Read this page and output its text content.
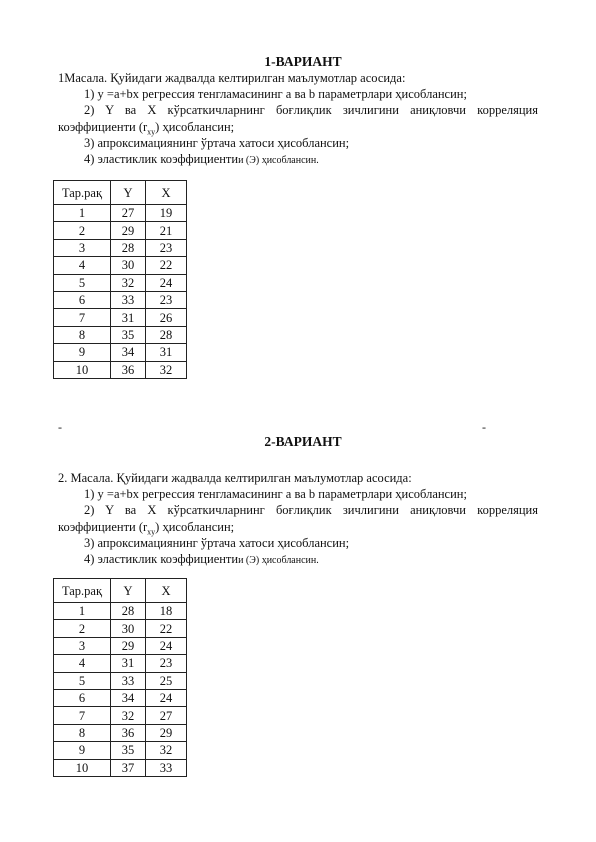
1-ВАРИАНТ

1Масала. Қуйидаги жадвалда келтирилган маълумотлар асосида:

1) y =a+bx регрессия тенгламасининг a ва b параметрлари ҳисоблансин;

2) Y ва X кўрсаткичларнинг боғлиқлик зичлигини аниқловчи корреляция коэффициенти $(r_{xy})$ ҳисоблансин;

3) апроксимациянинг ўртача хатоси ҳисоблансин;

4) эластиклик коэффициентии (Э) ҳисоблансин.

Тар.рақ	Y	X
1	27	19
2	29	21
3	28	23
4	30	22
5	32	24
6	33	23
7	31	26
8	35	28
9	34	31
10	36	32
-	-
2-ВАРИАНТ

2. Масала. Қуйидаги жадвалда келтирилган маълумотлар асосида:

1) y =a+bx регрессия тенгламасининг a ва b параметрлари ҳисоблансин;

2) Y ва X кўрсаткичларнинг боғлиқлик зичлигини аниқловчи корреляция коэффициенти $(r_{xy})$ ҳисоблансин;

3) апроксимациянинг ўртача хатоси ҳисоблансин;

4) эластиклик коэффициентии (Э) ҳисоблансин.

Тар.рақ	Y	X
1	28	18
2	30	22
3	29	24
4	31	23
5	33	25
6	34	24
7	32	27
8	36	29
9	35	32
10	37	33
